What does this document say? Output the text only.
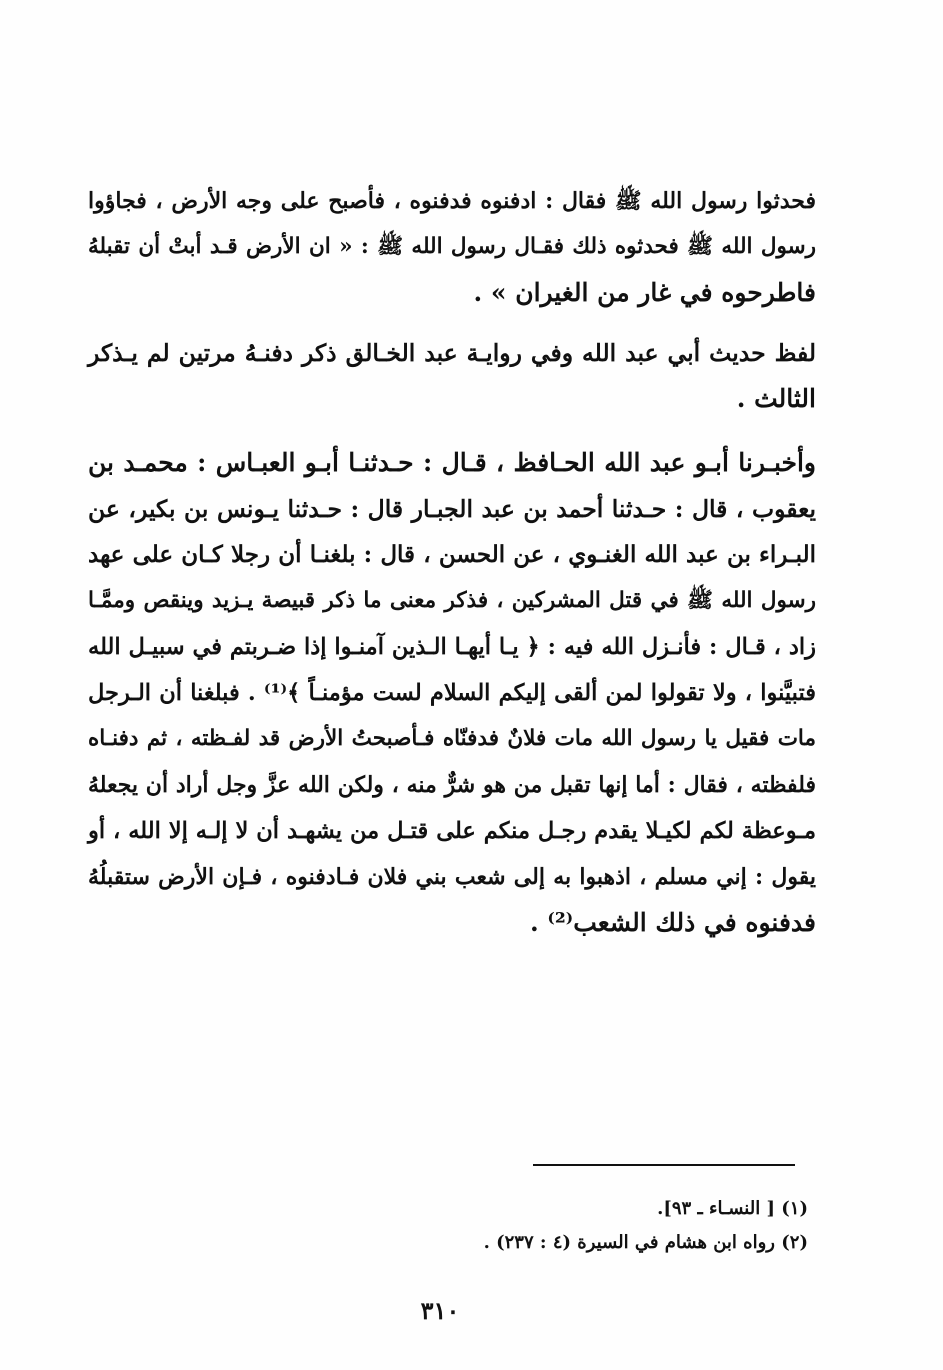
فحدثوا رسول الله ﷺ فقال : ادفنوه فدفنوه ، فأصبح على وجه الأرض ، فجاؤوا
رسول الله ﷺ فحدثوه ذلك فقـال رسول الله ﷺ : « ان الأرض قـد أبتْ أن تقبلهُ
فاطرحوه في غار من الغيران » .
لفظ حديث أبي عبد الله وفي روايـة عبد الخـالق ذكر دفنـهُ مرتين لم يـذكر
الثالث .
وأخبـرنا أبـو عبد الله الحـافظ ، قـال : حـدثنـا أبـو العبـاس : محمـد بن
يعقوب ، قال : حـدثنا أحمد بن عبد الجبـار قال : حـدثنا يـونس بن بكير، عن
البـراء بن عبد الله الغنـوي ، عن الحسن ، قال : بلغنـا أن رجلا كـان على عهد
رسول الله ﷺ في قتل المشركين ، فذكر معنى ما ذكر قبيصة يـزيد وينقص وممَّـا
زاد ، قـال : فأنـزل الله فيه : ﴿ يـا أيهـا الـذين آمنـوا إذا ضـربتم في سبيـل الله
فتبيَّنوا ، ولا تقولوا لمن ألقى إليكم السلام لست مؤمنـاً ﴾⁽¹⁾ . فبلغنا أن الـرجل
مات فقيل يا رسول الله مات فلانٌ فدفنّاه فـأصبحتُ الأرض قد لفـظته ، ثم دفنـاه
فلفظته ، فقال : أما إنها تقبل من هو شرٌّ منه ، ولكن الله عزَّ وجل أراد أن يجعلهُ
مـوعظة لكم لكيـلا يقدم رجـل منكم على قتـل من يشهـد أن لا إلـه إلا الله ، أو
يقول : إني مسلم ، اذهبوا به إلى شعب بني فلان فـادفنوه ، فـإن الأرض ستقبلُهُ
فدفنوه في ذلك الشعب⁽²⁾ .
(١) [ النسـاء ـ ٩٣].
(٢) رواه ابن هشام في السيرة (٤ : ٢٣٧) .
٣١٠
